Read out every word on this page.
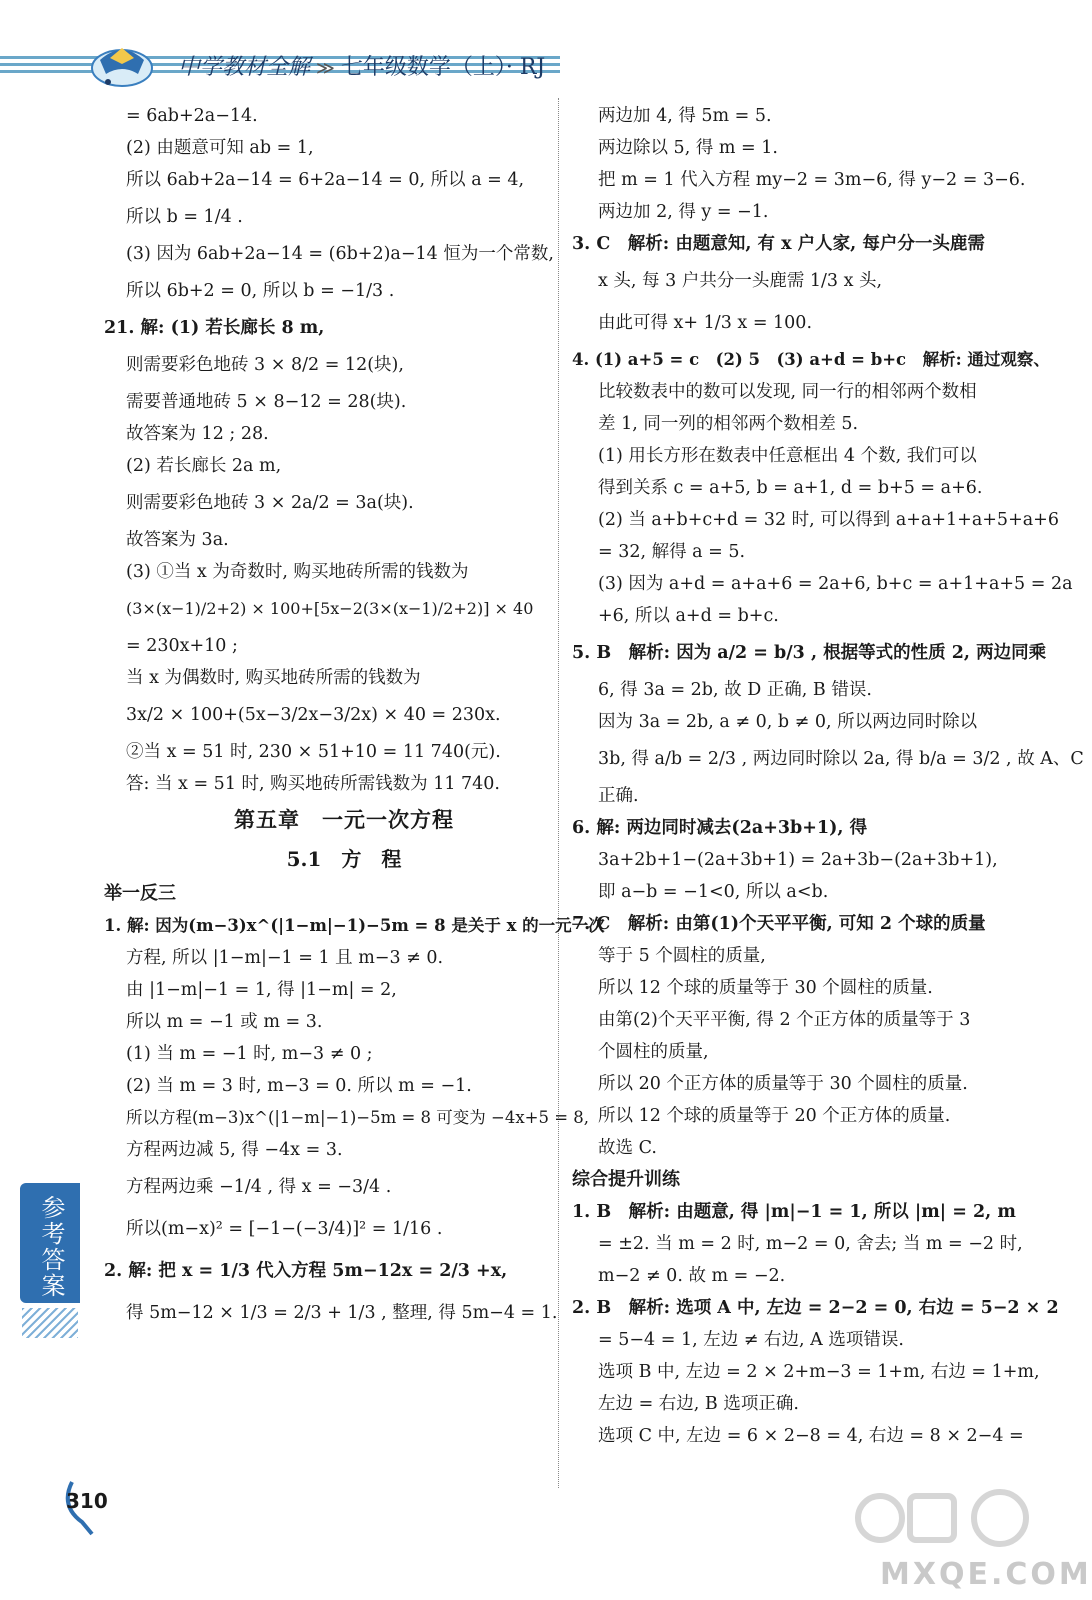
中学教材全解 ≫ 七年级数学（上）· RJ
= 6ab+2a−14.
(2) 由题意可知 ab = 1,
所以 6ab+2a−14 = 6+2a−14 = 0, 所以 a = 4,
所以 b = 1/4 .
(3) 因为 6ab+2a−14 = (6b+2)a−14 恒为一个常数,
所以 6b+2 = 0, 所以 b = −1/3 .
21. 解: (1) 若长廊长 8 m,
则需要彩色地砖 3 × 8/2 = 12(块),
需要普通地砖 5 × 8−12 = 28(块).
故答案为 12 ; 28.
(2) 若长廊长 2a m,
则需要彩色地砖 3 × 2a/2 = 3a(块).
故答案为 3a.
(3) ①当 x 为奇数时, 购买地砖所需的钱数为
(3×(x−1)/2+2) × 100+[5x−2(3×(x−1)/2+2)] × 40
= 230x+10 ;
当 x 为偶数时, 购买地砖所需的钱数为
3x/2 × 100+(5x−3/2x−3/2x) × 40 = 230x.
②当 x = 51 时, 230 × 51+10 = 11 740(元).
答: 当 x = 51 时, 购买地砖所需钱数为 11 740.
第五章　一元一次方程
5.1　方　程
举一反三
1. 解: 因为(m−3)x^(|1−m|−1)−5m = 8 是关于 x 的一元一次
方程, 所以 |1−m|−1 = 1 且 m−3 ≠ 0.
由 |1−m|−1 = 1, 得 |1−m| = 2,
所以 m = −1 或 m = 3.
(1) 当 m = −1 时, m−3 ≠ 0 ;
(2) 当 m = 3 时, m−3 = 0. 所以 m = −1.
所以方程(m−3)x^(|1−m|−1)−5m = 8 可变为 −4x+5 = 8,
方程两边减 5, 得 −4x = 3.
方程两边乘 −1/4 , 得 x = −3/4 .
所以(m−x)² = [−1−(−3/4)]² = 1/16 .
2. 解: 把 x = 1/3 代入方程 5m−12x = 2/3 +x,
得 5m−12 × 1/3 = 2/3 + 1/3 , 整理, 得 5m−4 = 1.
两边加 4, 得 5m = 5.
两边除以 5, 得 m = 1.
把 m = 1 代入方程 my−2 = 3m−6, 得 y−2 = 3−6.
两边加 2, 得 y = −1.
3. C　解析: 由题意知, 有 x 户人家, 每户分一头鹿需
x 头, 每 3 户共分一头鹿需 1/3 x 头,
由此可得 x+ 1/3 x = 100.
4. (1) a+5 = c　(2) 5　(3) a+d = b+c　解析: 通过观察、
比较数表中的数可以发现, 同一行的相邻两个数相
差 1, 同一列的相邻两个数相差 5.
(1) 用长方形在数表中任意框出 4 个数, 我们可以
得到关系 c = a+5, b = a+1, d = b+5 = a+6.
(2) 当 a+b+c+d = 32 时, 可以得到 a+a+1+a+5+a+6
= 32, 解得 a = 5.
(3) 因为 a+d = a+a+6 = 2a+6, b+c = a+1+a+5 = 2a
+6, 所以 a+d = b+c.
5. B　解析: 因为 a/2 = b/3 , 根据等式的性质 2, 两边同乘
6, 得 3a = 2b, 故 D 正确, B 错误.
因为 3a = 2b, a ≠ 0, b ≠ 0, 所以两边同时除以
3b, 得 a/b = 2/3 , 两边同时除以 2a, 得 b/a = 3/2 , 故 A、C
正确.
6. 解: 两边同时减去(2a+3b+1), 得
3a+2b+1−(2a+3b+1) = 2a+3b−(2a+3b+1),
即 a−b = −1<0, 所以 a<b.
7. C　解析: 由第(1)个天平平衡, 可知 2 个球的质量
等于 5 个圆柱的质量,
所以 12 个球的质量等于 30 个圆柱的质量.
由第(2)个天平平衡, 得 2 个正方体的质量等于 3
个圆柱的质量,
所以 20 个正方体的质量等于 30 个圆柱的质量.
所以 12 个球的质量等于 20 个正方体的质量.
故选 C.
综合提升训练
1. B　解析: 由题意, 得 |m|−1 = 1, 所以 |m| = 2, m
= ±2. 当 m = 2 时, m−2 = 0, 舍去; 当 m = −2 时,
m−2 ≠ 0. 故 m = −2.
2. B　解析: 选项 A 中, 左边 = 2−2 = 0, 右边 = 5−2 × 2
= 5−4 = 1, 左边 ≠ 右边, A 选项错误.
选项 B 中, 左边 = 2 × 2+m−3 = 1+m, 右边 = 1+m,
左边 = 右边, B 选项正确.
选项 C 中, 左边 = 6 × 2−8 = 4, 右边 = 8 × 2−4 =
参考答案
310
MXQE.COM
